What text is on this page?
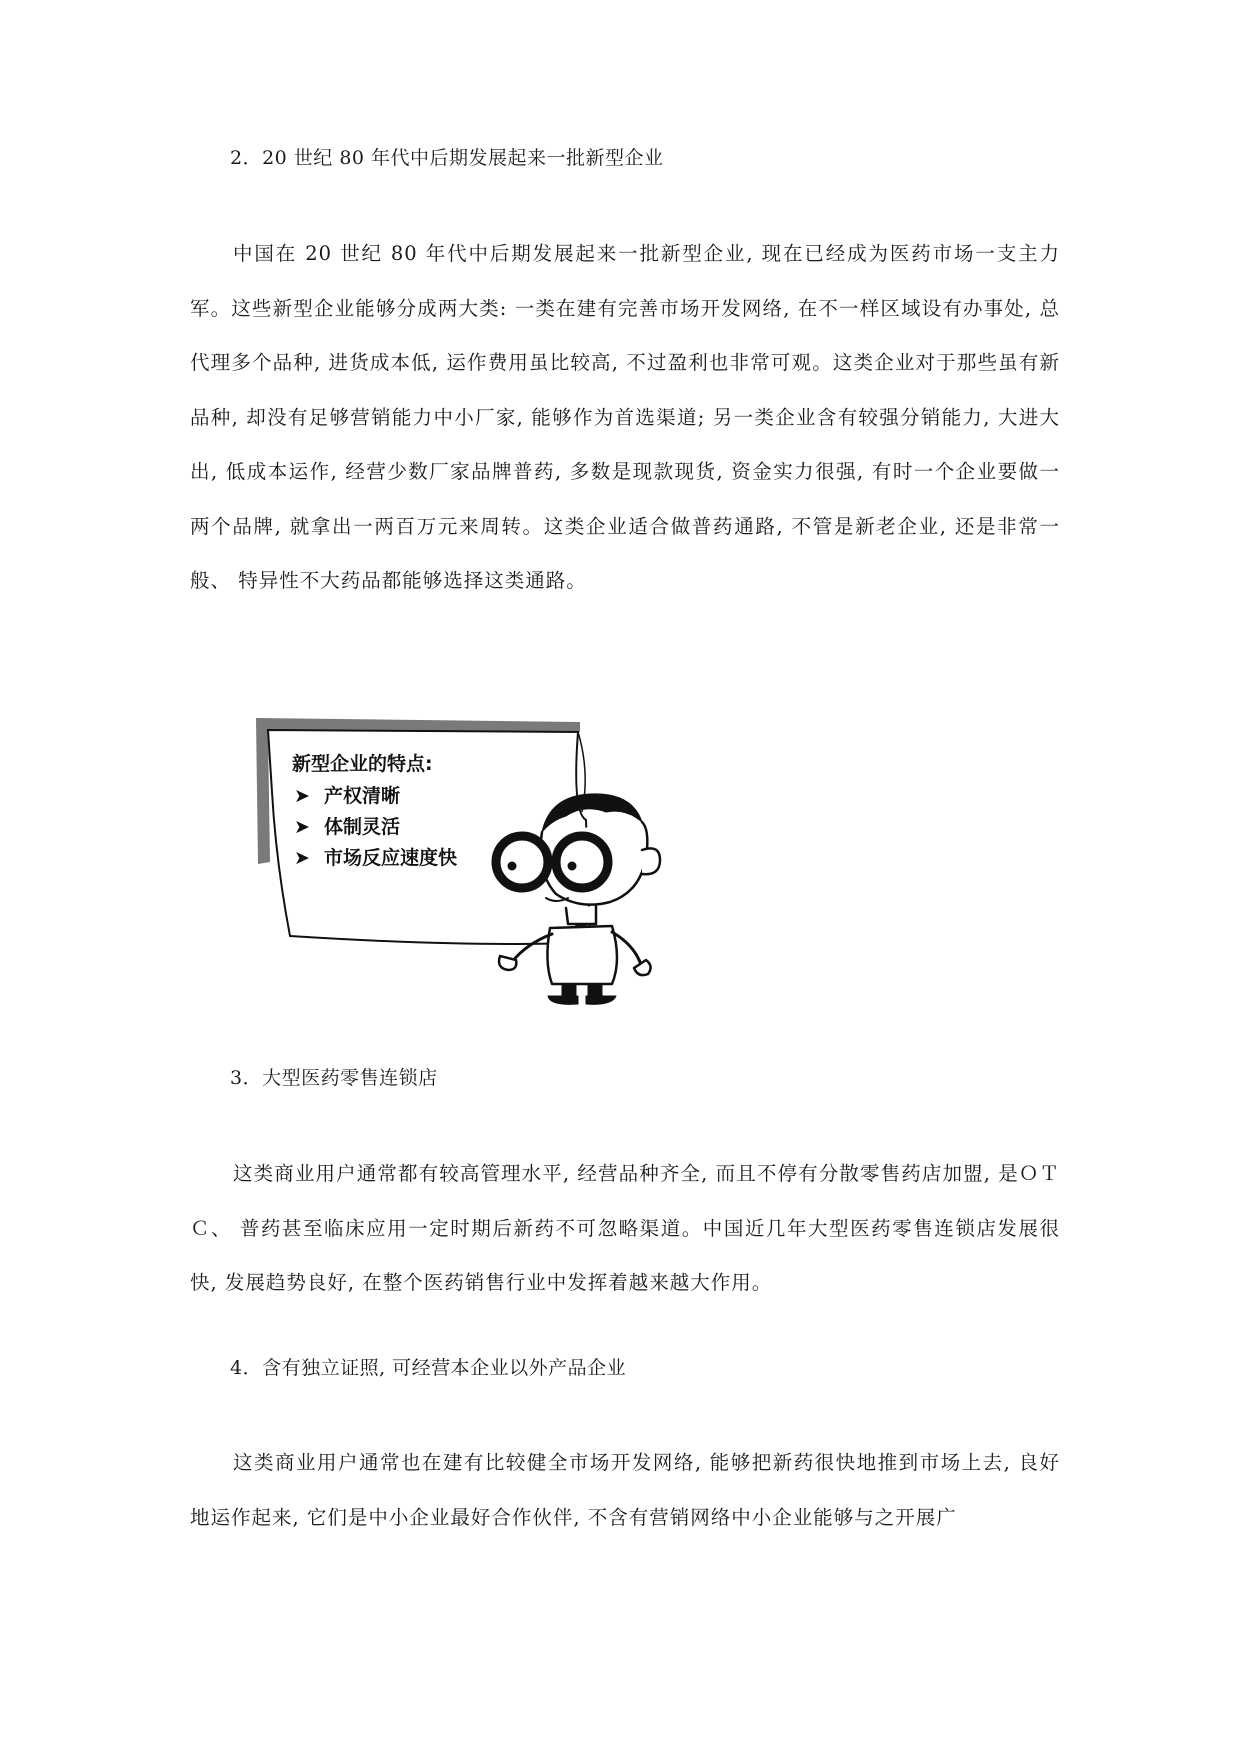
2．20 世纪 80 年代中后期发展起来一批新型企业

中国在 20 世纪 80 年代中后期发展起来一批新型企业, 现在已经成为医药市场一支主力军。这些新型企业能够分成两大类: 一类在建有完善市场开发网络, 在不一样区域设有办事处, 总代理多个品种, 进货成本低, 运作费用虽比较高, 不过盈利也非常可观。这类企业对于那些虽有新品种, 却没有足够营销能力中小厂家, 能够作为首选渠道; 另一类企业含有较强分销能力, 大进大出, 低成本运作, 经营少数厂家品牌普药, 多数是现款现货, 资金实力很强, 有时一个企业要做一两个品牌, 就拿出一两百万元来周转。这类企业适合做普药通路, 不管是新老企业, 还是非常一般、 特异性不大药品都能够选择这类通路。

新型企业的特点:
➤ 产权清晰
➤ 体制灵活
➤ 市场反应速度快
3．大型医药零售连锁店

这类商业用户通常都有较高管理水平, 经营品种齐全, 而且不停有分散零售药店加盟, 是ＯＴＣ、 普药甚至临床应用一定时期后新药不可忽略渠道。中国近几年大型医药零售连锁店发展很快, 发展趋势良好, 在整个医药销售行业中发挥着越来越大作用。

4．含有独立证照, 可经营本企业以外产品企业

这类商业用户通常也在建有比较健全市场开发网络, 能够把新药很快地推到市场上去, 良好地运作起来, 它们是中小企业最好合作伙伴, 不含有营销网络中小企业能够与之开展广
